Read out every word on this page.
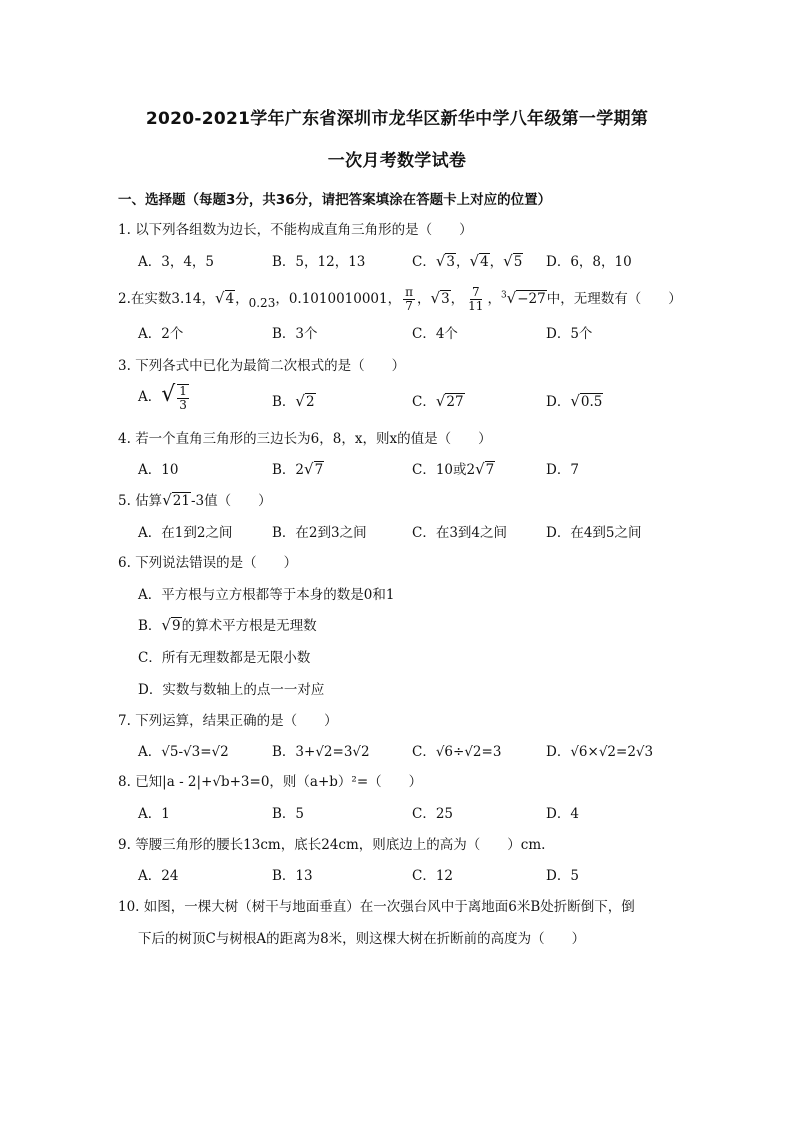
2020-2021学年广东省深圳市龙华区新华中学八年级第一学期第
一次月考数学试卷
一、选择题（每题3分，共36分，请把答案填涂在答题卡上对应的位置）
1. 以下列各组数为边长，不能构成直角三角形的是（　　）
A．3，4，5	B．5，12，13	C．√3，√4，√5 D．6，8，10
2.在实数3.14，√4，0.23，0.1010010001， $\frac{\pi}{7}$ ，√3， $\frac{7}{11}$ ，$^3$√−27中，无理数有（　　）
A．2个	B．3个	C．4个	D．5个
3. 下列各式中已化为最简二次根式的是（　　）
A．√ $\frac{1}{3}$	B．√2	C．√27	D．√0.5
4. 若一个直角三角形的三边长为6，8，x，则x的值是（　　）
A．10	B．2√7	C．10或2√7	D．7
5. 估算√21-3值（　　）
A．在1到2之间	B．在2到3之间	C．在3到4之间	D．在4到5之间
6. 下列说法错误的是（　　）
A．平方根与立方根都等于本身的数是0和1
B．√9的算术平方根是无理数
C．所有无理数都是无限小数
D．实数与数轴上的点一一对应
7. 下列运算，结果正确的是（　　）
A．√5-√3=√2	B．3+√2=3√2	C．√6÷√2=3	D．√6×√2=2√3
8. 已知|a - 2|+√b+3=0，则（a+b）²=（　　）
A．1	B．5	C．25	D．4
9. 等腰三角形的腰长13cm，底长24cm，则底边上的高为（　　）cm.
A．24	B．13	C．12	D．5
10. 如图，一棵大树（树干与地面垂直）在一次强台风中于离地面6米B处折断倒下，倒
下后的树顶C与树根A的距离为8米，则这棵大树在折断前的高度为（　　）
